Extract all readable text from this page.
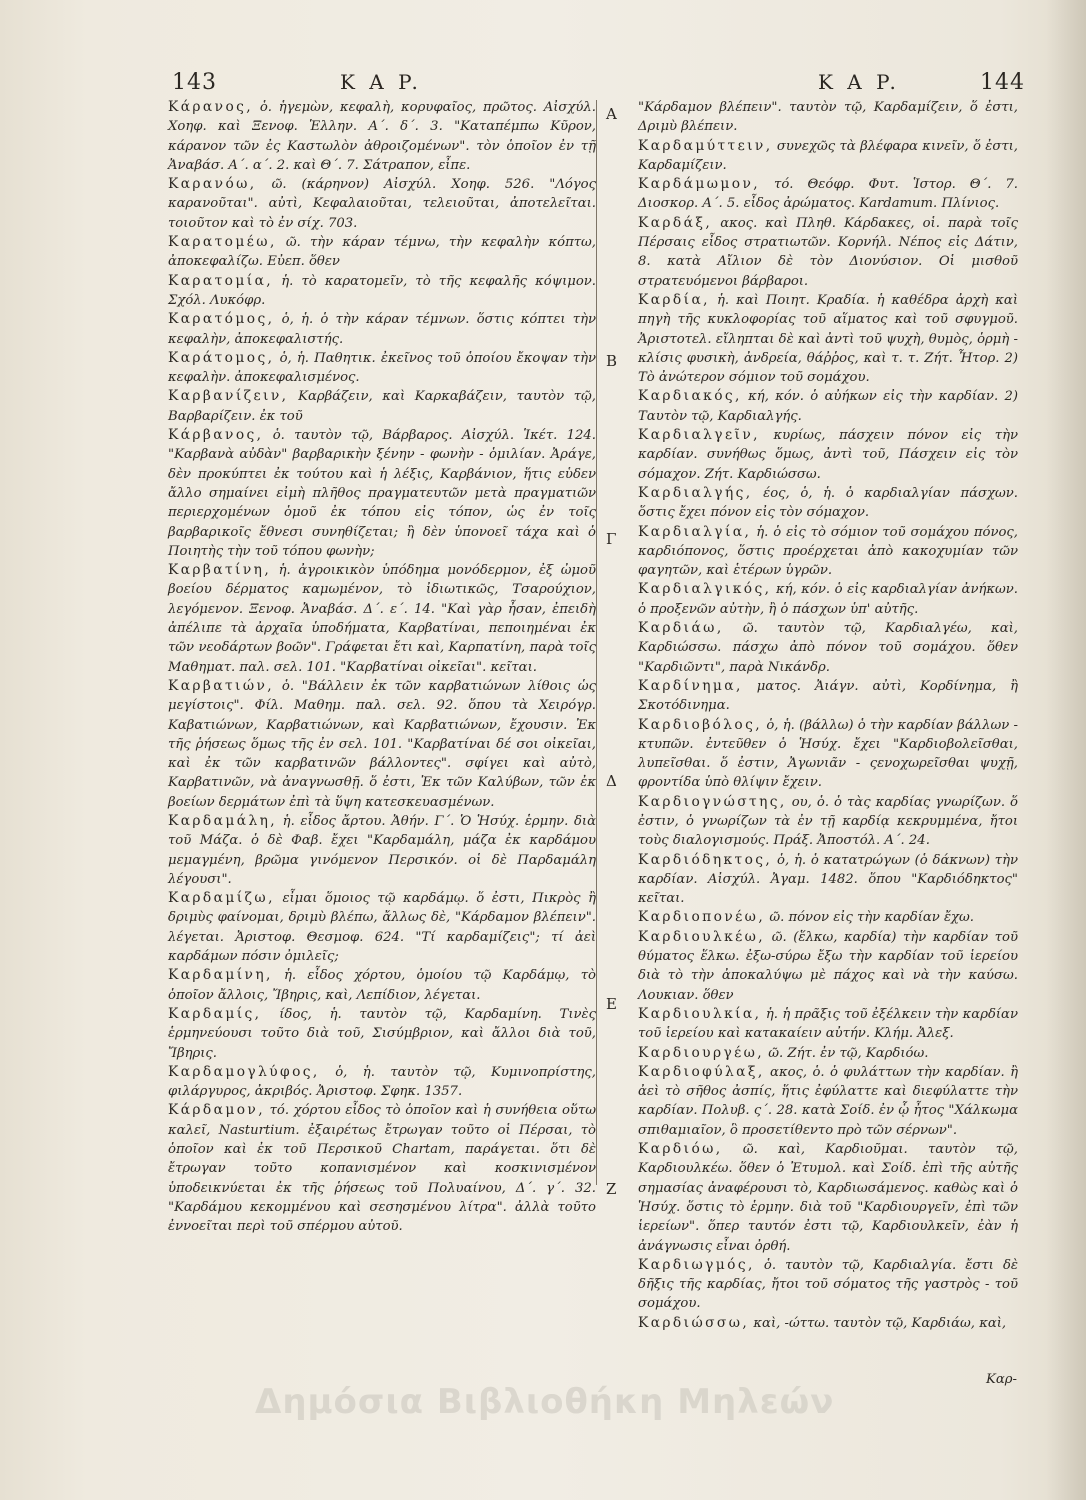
143	K A P.	K A P.	144

Κάρανος, ὁ. ἡγεμὼν, κεφαλὴ, κορυφαῖος, πρῶτος. Αἰσχύλ. Χοηφ. καὶ Ξενοφ. Ἑλλην. Α΄. δ΄. 3. "Καταπέμπω Κῦρον, κάρανον τῶν ἐς Καστωλὸν ἀθροιζομένων". τὸν ὁποῖον ἐν τῇ Ἀναβάσ. Α΄. α΄. 2. καὶ Θ΄. 7. Σάτραπον, εἶπε.

Καρανόω, ῶ. (κάρηνον) Αἰσχύλ. Χοηφ. 526. "Λόγος καρανοῦται". αὐτὶ, Κεφαλαιοῦται, τελειοῦται, ἀποτελεῖται. τοιοῦτον καὶ τὸ ἐν σίχ. 703.

Καρατομέω, ῶ. τὴν κάραν τέμνω, τὴν κεφαλὴν κόπτω, ἀποκεφαλίζω. Εὐεπ. ὅθεν

Καρατομία, ἡ. τὸ καρατομεῖν, τὸ τῆς κεφαλῆς κόψιμον. Σχόλ. Λυκόφρ.

Καρατόμος, ὁ, ἡ. ὁ τὴν κάραν τέμνων. ὅστις κόπτει τὴν κεφαλὴν, ἀποκεφαλιστής.

Καράτομος, ὁ, ἡ. Παθητικ. ἐκεῖνος τοῦ ὁποίου ἔκοψαν τὴν κεφαλὴν. ἀποκεφαλισμένος.

Καρβανίζειν, Καρβάζειν, καὶ Καρκαβάζειν, ταυτὸν τῷ, Βαρβαρίζειν. ἐκ τοῦ

Κάρβανος, ὁ. ταυτὸν τῷ, Βάρβαρος. Αἰσχύλ. Ἱκέτ. 124. "Καρβανὰ αὐδὰν" βαρβαρικὴν ξένην - φωνὴν - ὁμιλίαν. Ἀράγε, δὲν προκύπτει ἐκ τούτου καὶ ἡ λέξις, Καρβάνιον, ἥτις εὑδεν ἄλλο σημαίνει εἰμὴ πλῆθος πραγματευτῶν μετὰ πραγματιῶν περιερχομένων ὁμοῦ ἐκ τόπου εἰς τόπον, ὡς ἐν τοῖς βαρβαρικοῖς ἔθνεσι συνηθίζεται; ἢ δὲν ὑπονοεῖ τάχα καὶ ὁ Ποιητὴς τὴν τοῦ τόπου φωνὴν;

Καρβατίνη, ἡ. ἀγροικικὸν ὑπόδημα μονόδερμον, ἐξ ὠμοῦ βοείου δέρματος καμωμένον, τὸ ἰδιωτικῶς, Τσαρούχιον, λεγόμενον. Ξενοφ. Ἀναβάσ. Δ΄. ε΄. 14. "Καὶ γὰρ ἦσαν, ἐπειδὴ ἀπέλιπε τὰ ἀρχαῖα ὑποδήματα, Καρβατίναι, πεποιημέναι ἐκ τῶν νεοδάρτων βοῶν". Γράφεται ἔτι καὶ, Καρπατίνη, παρὰ τοῖς Μαθηματ. παλ. σελ. 101. "Καρβατίναι οἰκεῖαι". κεῖται.

Καρβατιών, ὁ. "Βάλλειν ἐκ τῶν καρβατιώνων λίθοις ὡς μεγίστοις". Φίλ. Μαθημ. παλ. σελ. 92. ὅπου τὰ Χειρόγρ. Καβατιώνων, Καρβατιώνων, καὶ Καρβατιώνων, ἔχουσιν. Ἐκ τῆς ῥήσεως ὅμως τῆς ἐν σελ. 101. "Καρβατίναι δέ σοι οἰκεῖαι, καὶ ἐκ τῶν καρβατινῶν βάλλοντες". σφίγει καὶ αὐτὸ, Καρβατινῶν, νὰ ἀναγνωσθῇ. ὅ ἐστι, Ἐκ τῶν Καλύβων, τῶν ἐκ βοείων δερμάτων ἐπὶ τὰ ὕψη κατεσκευασμένων.

Καρδαμάλη, ἡ. εἶδος ἄρτου. Ἀθήν. Γ΄. Ὁ Ἡσύχ. ἑρμην. διὰ τοῦ Μάζα. ὁ δὲ Φαβ. ἔχει "Καρδαμάλη, μάζα ἐκ καρδάμου μεμαγμένη, βρῶμα γινόμενον Περσικόν. οἱ δὲ Παρδαμάλη λέγουσι".

Καρδαμίζω, εἶμαι ὅμοιος τῷ καρδάμῳ. ὅ ἐστι, Πικρὸς ἢ δριμὺς φαίνομαι, δριμὺ βλέπω, ἄλλως δὲ, "Κάρδαμον βλέπειν". λέγεται. Ἀριστοφ. Θεσμοφ. 624. "Τί καρδαμίζεις"; τί ἀεὶ καρδάμων πόσιν ὀμιλεῖς;

Καρδαμίνη, ἡ. εἶδος χόρτου, ὁμοίου τῷ Καρδάμῳ, τὸ ὁποῖον ἄλλοις, Ἴβηρις, καὶ, Λεπίδιον, λέγεται.

Καρδαμίς, ίδος, ἡ. ταυτὸν τῷ, Καρδαμίνη. Τινὲς ἑρμηνεύουσι τοῦτο διὰ τοῦ, Σισύμβριον, καὶ ἄλλοι διὰ τοῦ, Ἴβηρις.

Καρδαμογλύφος, ὁ, ἡ. ταυτὸν τῷ, Κυμινοπρίστης, φιλάργυρος, ἀκριβός. Ἀριστοφ. Σφηκ. 1357.

Κάρδαμον, τό. χόρτου εἶδος τὸ ὁποῖον καὶ ἡ συνήθεια οὕτω καλεῖ, Nasturtium. ἐξαιρέτως ἔτρωγαν τοῦτο οἱ Πέρσαι, τὸ ὁποῖον καὶ ἐκ τοῦ Περσικοῦ Chartam, παράγεται. ὅτι δὲ ἔτρωγαν τοῦτο κοπανισμένον καὶ κοσκινισμένον ὑποδεικνύεται ἐκ τῆς ῥήσεως τοῦ Πολυαίνου, Δ΄. γ΄. 32. "Καρδάμου κεκομμένου καὶ σεσησμένου λίτρα". ἀλλὰ τοῦτο ἐννοεῖται περὶ τοῦ σπέρμου αὐτοῦ.

A
B
Γ
Δ
E
Z

"Κάρδαμον βλέπειν". ταυτὸν τῷ, Καρδαμίζειν, ὅ ἐστι, Δριμὺ βλέπειν.

Καρδαμύττειν, συνεχῶς τὰ βλέφαρα κινεῖν, ὅ ἐστι, Καρδαμίζειν.

Καρδάμωμον, τό. Θεόφρ. Φυτ. Ἱστορ. Θ΄. 7. Διοσκορ. Α΄. 5. εἶδος ἀρώματος. Kardamum. Πλίνιος.

Καρδάξ, ακος. καὶ Πληθ. Κάρδακες, οἱ. παρὰ τοῖς Πέρσαις εἶδος στρατιωτῶν. Κορνήλ. Νέπος εἰς Δάτιν, 8. κατὰ Αἴλιον δὲ τὸν Διονύσιον. Οἱ μισθοῦ στρατευόμενοι βάρβαροι.

Καρδία, ἡ. καὶ Ποιητ. Κραδία. ἡ καθέδρα ἀρχὴ καὶ πηγὴ τῆς κυκλοφορίας τοῦ αἵματος καὶ τοῦ σφυγμοῦ. Ἀριστοτελ. εἴληπται δὲ καὶ ἀντὶ τοῦ ψυχὴ, θυμὸς, ὁρμὴ - κλίσις φυσικὴ, ἀνδρεία, θάῤῥος, καὶ τ. τ. Ζήτ. Ἦτορ. 2) Τὸ ἀνώτερον σόμιον τοῦ σομάχου.

Καρδιακός, κή, κόν. ὁ αὐήκων εἰς τὴν καρδίαν. 2) Ταυτὸν τῷ, Καρδιαλγής.

Καρδιαλγεῖν, κυρίως, πάσχειν πόνον εἰς τὴν καρδίαν. συνήθως ὅμως, ἀντὶ τοῦ, Πάσχειν εἰς τὸν σόμαχον. Ζήτ. Καρδιώσσω.

Καρδιαλγής, έος, ὁ, ἡ. ὁ καρδιαλγίαν πάσχων. ὅστις ἔχει πόνον εἰς τὸν σόμαχον.

Καρδιαλγία, ἡ. ὁ εἰς τὸ σόμιον τοῦ σομάχου πόνος, καρδιόπονος, ὅστις προέρχεται ἀπὸ κακοχυμίαν τῶν φαγητῶν, καὶ ἑτέρων ὑγρῶν.

Καρδιαλγικός, κή, κόν. ὁ εἰς καρδιαλγίαν ἀνήκων. ὁ προξενῶν αὐτὴν, ἢ ὁ πάσχων ὑπ' αὐτῆς.

Καρδιάω, ῶ. ταυτὸν τῷ, Καρδιαλγέω, καὶ, Καρδιώσσω. πάσχω ἀπὸ πόνον τοῦ σομάχου. ὅθεν "Καρδιῶντι", παρὰ Νικάνδρ.

Καρδίνημα, ματος. Ἀιάγν. αὐτὶ, Κορδίνημα, ἢ Σκοτόδινημα.

Καρδιοβόλος, ὁ, ἡ. (βάλλω) ὁ τὴν καρδίαν βάλλων - κτυπῶν. ἐντεῦθεν ὁ Ἡσύχ. ἔχει "Καρδιοβολεῖσθαι, λυπεῖσθαι. ὅ ἐστιν, Ἀγωνιᾶν - ςενοχωρεῖσθαι ψυχῇ, φροντίδα ὑπὸ θλίψιν ἔχειν.

Καρδιογνώστης, ου, ὁ. ὁ τὰς καρδίας γνωρίζων. ὅ ἐστιν, ὁ γνωρίζων τὰ ἐν τῇ καρδίᾳ κεκρυμμένα, ἤτοι τοὺς διαλογισμούς. Πράξ. Ἀποστόλ. Α΄. 24.

Καρδιόδηκτος, ὁ, ἡ. ὁ κατατρώγων (ὁ δάκνων) τὴν καρδίαν. Αἰσχύλ. Ἀγαμ. 1482. ὅπου "Καρδιόδηκτος" κεῖται.

Καρδιοπονέω, ῶ. πόνον εἰς τὴν καρδίαν ἔχω.

Καρδιουλκέω, ῶ. (ἕλκω, καρδία) τὴν καρδίαν τοῦ θύματος ἕλκω. ἐξω-σύρω ἔξω τὴν καρδίαν τοῦ ἱερείου διὰ τὸ τὴν ἀποκαλύψω μὲ πάχος καὶ νὰ τὴν καύσω. Λουκιαν. ὅθεν

Καρδιουλκία, ἡ. ἡ πρᾶξις τοῦ ἐξέλκειν τὴν καρδίαν τοῦ ἱερείου καὶ κατακαίειν αὐτήν. Κλήμ. Ἀλεξ.

Καρδιουργέω, ῶ. Ζήτ. ἐν τῷ, Καρδιόω.

Καρδιοφύλαξ, ακος, ὁ. ὁ φυλάττων τὴν καρδίαν. ἢ ἀεὶ τὸ σῆθος ἀσπίς, ἥτις ἐφύλαττε καὶ διεφύλαττε τὴν καρδίαν. Πολυβ. ς΄. 28. κατὰ Σοίδ. ἐν ᾧ ἦτος "Χάλκωμα σπιθαμιαῖον, ὃ προσετίθεντο πρὸ τῶν σέρνων".

Καρδιόω, ῶ. καὶ, Καρδιοῦμαι. ταυτὸν τῷ, Καρδιουλκέω. ὅθεν ὁ Ἐτυμολ. καὶ Σοίδ. ἐπὶ τῆς αὐτῆς σημασίας ἀναφέρουσι τὸ, Καρδιωσάμενος. καθὼς καὶ ὁ Ἡσύχ. ὅστις τὸ ἑρμην. διὰ τοῦ "Καρδιουργεῖν, ἐπὶ τῶν ἱερείων". ὅπερ ταυτόν ἐστι τῷ, Καρδιουλκεῖν, ἐὰν ἡ ἀνάγνωσις εἶναι ὀρθή.

Καρδιωγμός, ὁ. ταυτὸν τῷ, Καρδιαλγία. ἔστι δὲ δῆξις τῆς καρδίας, ἤτοι τοῦ σόματος τῆς γαστρὸς - τοῦ σομάχου.

Καρδιώσσω, καὶ, -ώττω. ταυτὸν τῷ, Καρδιάω, καὶ,

Καρ-
Δημόσια Βιβλιοθήκη Μηλεών
